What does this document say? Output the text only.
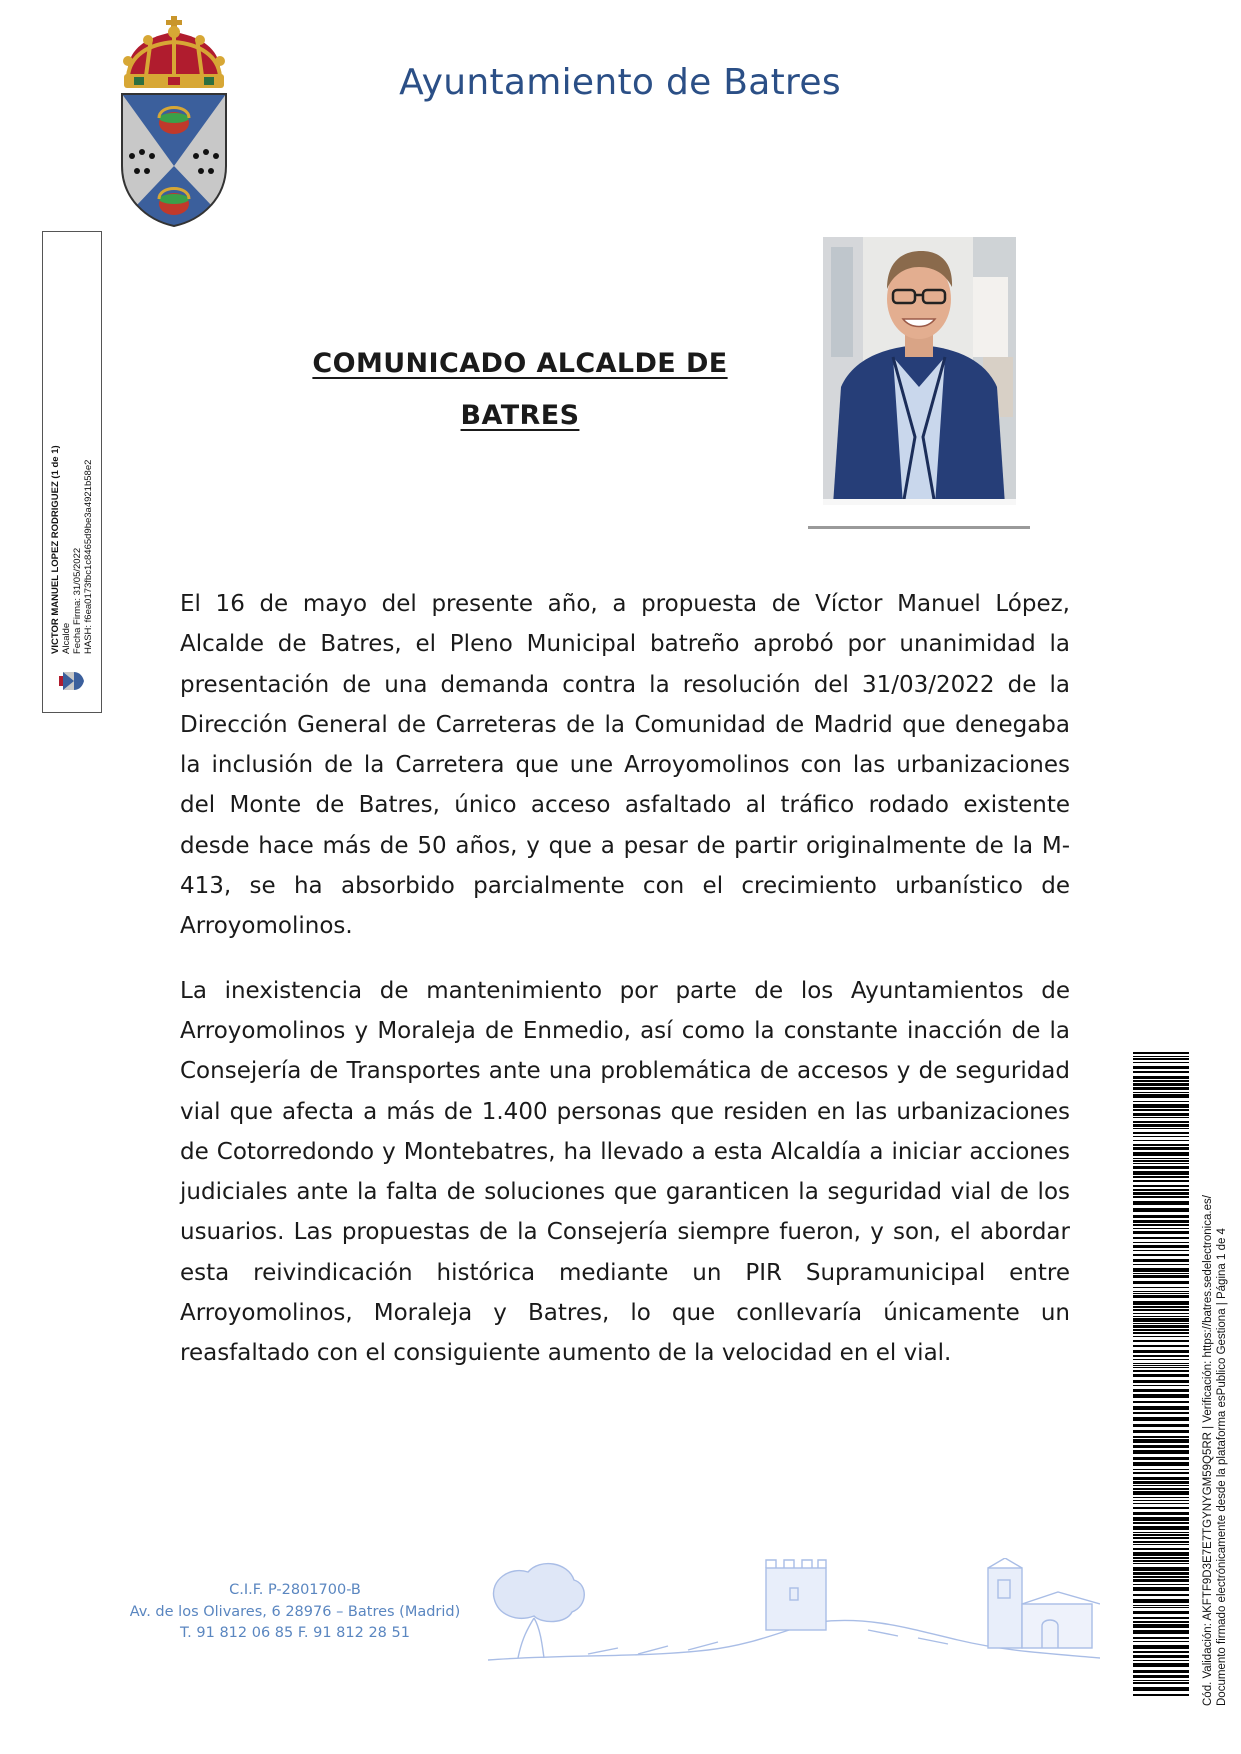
Ayuntamiento de Batres
VICTOR MANUEL LOPEZ RODRIGUEZ (1 de 1) Alcalde Fecha Firma: 31/05/2022 HASH: f6ea0173fbc1c8465d9be3a4921b58e2
COMUNICADO ALCALDE DE
BATRES

El 16 de mayo del presente año, a propuesta de Víctor Manuel López, Alcalde de Batres, el Pleno Municipal batreño aprobó por unanimidad la presentación de una demanda contra la resolución del 31/03/2022 de la Dirección General de Carreteras de la Comunidad de Madrid que denegaba la inclusión de la Carretera que une Arroyomolinos con las urbanizaciones del Monte de Batres, único acceso asfaltado al tráfico rodado existente desde hace más de 50 años, y que a pesar de partir originalmente de la M-413, se ha absorbido parcialmente con el crecimiento urbanístico de Arroyomolinos.

La inexistencia de mantenimiento por parte de los Ayuntamientos de Arroyomolinos y Moraleja de Enmedio, así como la constante inacción de la Consejería de Transportes ante una problemática de accesos y de seguridad vial que afecta a más de 1.400 personas que residen en las urbanizaciones de Cotorredondo y Montebatres, ha llevado a esta Alcaldía a iniciar acciones judiciales ante la falta de soluciones que garanticen la seguridad vial de los usuarios. Las propuestas de la Consejería siempre fueron, y son, el abordar esta reivindicación histórica mediante un PIR Supramunicipal entre Arroyomolinos, Moraleja y Batres, lo que conllevaría únicamente un reasfaltado con el consiguiente aumento de la velocidad en el vial.

C.I.F. P-2801700-B
Av. de los Olivares, 6 28976 – Batres (Madrid)
T. 91 812 06 85 F. 91 812 28 51	Cód. Validación: AKFTF9D3E7E7TGYNYGM59Q5RR | Verificación: https://batres.sedelectronica.es/ Documento firmado electrónicamente desde la plataforma esPublico Gestiona | Página 1 de 4
